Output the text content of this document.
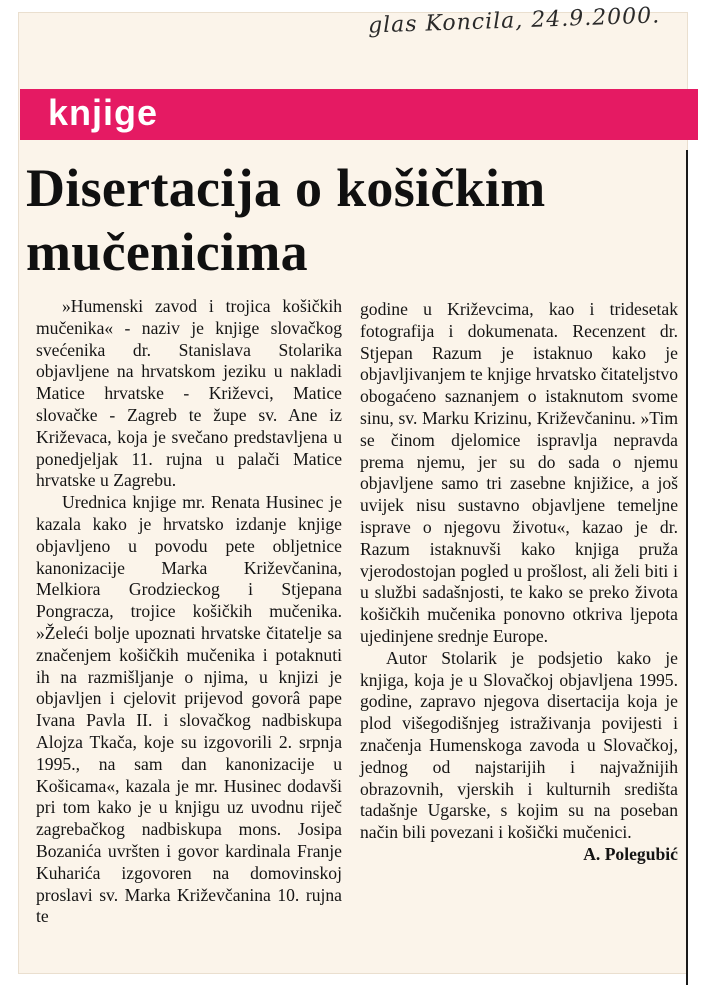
glas Koncila, 24.9.2000.
knjige
Disertacija o košičkim
mučenicima

»Humenski zavod i trojica košičkih mučenika« - naziv je knjige slovačkog svećenika dr. Stanislava Stolarika objavljene na hrvatskom jeziku u nakladi Matice hrvatske - Križevci, Matice slovačke - Zagreb te župe sv. Ane iz Križevaca, koja je svečano predstavljena u ponedjeljak 11. rujna u palači Matice hrvatske u Zagrebu.

Urednica knjige mr. Renata Husinec je kazala kako je hrvatsko izdanje knjige objavljeno u povodu pete obljetnice kanonizacije Marka Križevčanina, Melkiora Grodzieckog i Stjepana Pongracza, trojice košičkih mučenika. »Želeći bolje upoznati hrvatske čitatelje sa značenjem košičkih mučenika i potaknuti ih na razmišljanje o njima, u knjizi je objavljen i cjelovit prijevod govorâ pape Ivana Pavla II. i slovačkog nadbiskupa Alojza Tkača, koje su izgovorili 2. srpnja 1995., na sam dan kanonizacije u Košicama«, kazala je mr. Husinec dodavši pri tom kako je u knjigu uz uvodnu riječ zagrebačkog nadbiskupa mons. Josipa Bozanića uvršten i govor kardinala Franje Kuharića izgovoren na domovinskoj proslavi sv. Marka Križevčanina 10. rujna te

godine u Križevcima, kao i tridesetak fotografija i dokumenata. Recenzent dr. Stjepan Razum je istaknuo kako je objavljivanjem te knjige hrvatsko čitateljstvo obogaćeno saznanjem o istaknutom svome sinu, sv. Marku Krizinu, Križevčaninu. »Tim se činom djelomice ispravlja nepravda prema njemu, jer su do sada o njemu objavljene samo tri zasebne knjižice, a još uvijek nisu sustavno objavljene temeljne isprave o njegovu životu«, kazao je dr. Razum istaknuvši kako knjiga pruža vjerodostojan pogled u prošlost, ali želi biti i u službi sadašnjosti, te kako se preko života košičkih mučenika ponovno otkriva ljepota ujedinjene srednje Europe.

Autor Stolarik je podsjetio kako je knjiga, koja je u Slovačkoj objavljena 1995. godine, zapravo njegova disertacija koja je plod višegodišnjeg istraživanja povijesti i značenja Humenskoga zavoda u Slovačkoj, jednog od najstarijih i najvažnijih obrazovnih, vjerskih i kulturnih središta tadašnje Ugarske, s kojim su na poseban način bili povezani i košički mučenici.

A. Polegubić
